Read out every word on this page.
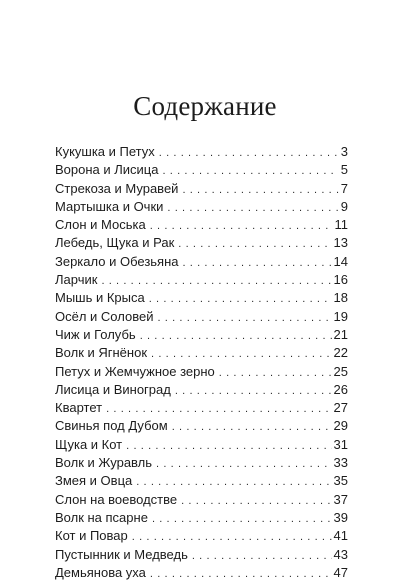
Содержание
Кукушка и Петух . . .	3
Ворона и Лисица . . .	5
Стрекоза и Муравей . . .	7
Мартышка и Очки . . .	9
Слон и Моська . . .	11
Лебедь, Щука и Рак . . .	13
Зеркало и Обезьяна . . .	14
Ларчик . . .	16
Мышь и Крыса . . .	18
Осёл и Соловей . . .	19
Чиж и Голубь . . .	21
Волк и Ягнёнок . . .	22
Петух и Жемчужное зерно . . .	25
Лисица и Виноград . . .	26
Квартет . . .	27
Свинья под Дубом . . .	29
Щука и Кот . . .	31
Волк и Журавль . . .	33
Змея и Овца . . .	35
Слон на воеводстве . . .	37
Волк на псарне . . .	39
Кот и Повар . . .	41
Пустынник и Медведь . . .	43
Демьянова уха . . .	47
